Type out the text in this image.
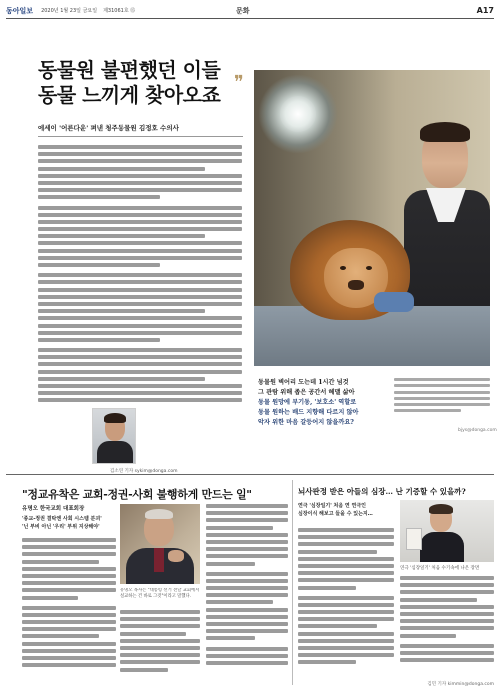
동아일보 2020년 1월 23일 금요일 제31061호 ⑮	문화	A17
동물원 불편했던 이들
동물 느끼게 찾아오죠
❞
에세이 '어른다운' 펴낸 청주동물원 김정호 수의사
bjys@donga.com
동물원 벽어리 도는데 1시간 넘것
그 관람 위해 좁은 공간서 헤맬 삶아
동물 원망에 부기동, '보호소' 역할로
동물 원하는 배드 지향해 다르지 않아
악자 위한 마음 갈등어지 않을까요?
김소연 기자 sykim@donga.com
"정교유착은 교회-정권-사회 불행하게 만드는 일"
유명오 한국교회 대표회장
'종교-정권 결탁엔 사회 시스템 분괴'
'닌 부비 아닌 '우리' 부위 지상해야'
유명오 목사는 "대통령 선거 전날 교회에서 설교하는 건 바로 그것"이라고 말했다.
뇌사판정 받은 아들의 심장… 난 기증할 수 있을까?
연극 '심장일기' 처음 연 연극인
심장이식 해보고 들을 수 있는지…
연극 '심장일기' 처음 수기속에 나온 장면
김민 기자 kimmin@donga.com
